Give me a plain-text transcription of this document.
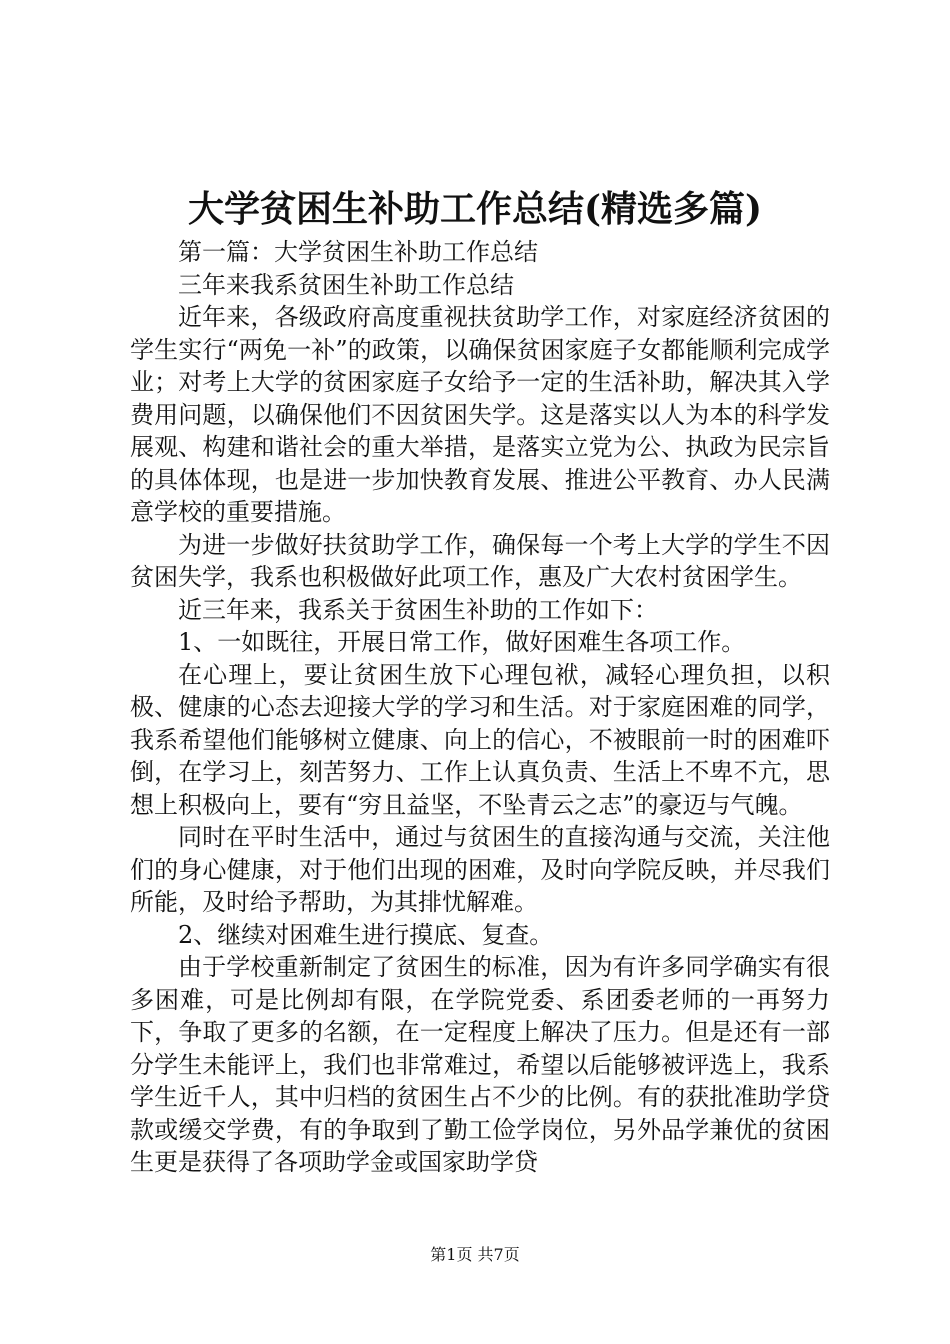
大学贫困生补助工作总结(精选多篇)

第一篇：大学贫困生补助工作总结

三年来我系贫困生补助工作总结

近年来，各级政府高度重视扶贫助学工作，对家庭经济贫困的学生实行“两免一补”的政策，以确保贫困家庭子女都能顺利完成学业；对考上大学的贫困家庭子女给予一定的生活补助，解决其入学费用问题，以确保他们不因贫困失学。这是落实以人为本的科学发展观、构建和谐社会的重大举措，是落实立党为公、执政为民宗旨的具体体现，也是进一步加快教育发展、推进公平教育、办人民满意学校的重要措施。

为进一步做好扶贫助学工作，确保每一个考上大学的学生不因贫困失学，我系也积极做好此项工作，惠及广大农村贫困学生。

近三年来，我系关于贫困生补助的工作如下：

1、一如既往，开展日常工作，做好困难生各项工作。

在心理上，要让贫困生放下心理包袱，减轻心理负担，以积极、健康的心态去迎接大学的学习和生活。对于家庭困难的同学，我系希望他们能够树立健康、向上的信心，不被眼前一时的困难吓倒，在学习上，刻苦努力、工作上认真负责、生活上不卑不亢，思想上积极向上，要有“穷且益坚，不坠青云之志”的豪迈与气魄。

同时在平时生活中，通过与贫困生的直接沟通与交流，关注他们的身心健康，对于他们出现的困难，及时向学院反映，并尽我们所能，及时给予帮助，为其排忧解难。

2、继续对困难生进行摸底、复查。

由于学校重新制定了贫困生的标准，因为有许多同学确实有很多困难，可是比例却有限，在学院党委、系团委老师的一再努力下，争取了更多的名额，在一定程度上解决了压力。但是还有一部分学生未能评上，我们也非常难过，希望以后能够被评选上，我系学生近千人，其中归档的贫困生占不少的比例。有的获批准助学贷款或缓交学费，有的争取到了勤工俭学岗位，另外品学兼优的贫困生更是获得了各项助学金或国家助学贷

第1页 共7页
